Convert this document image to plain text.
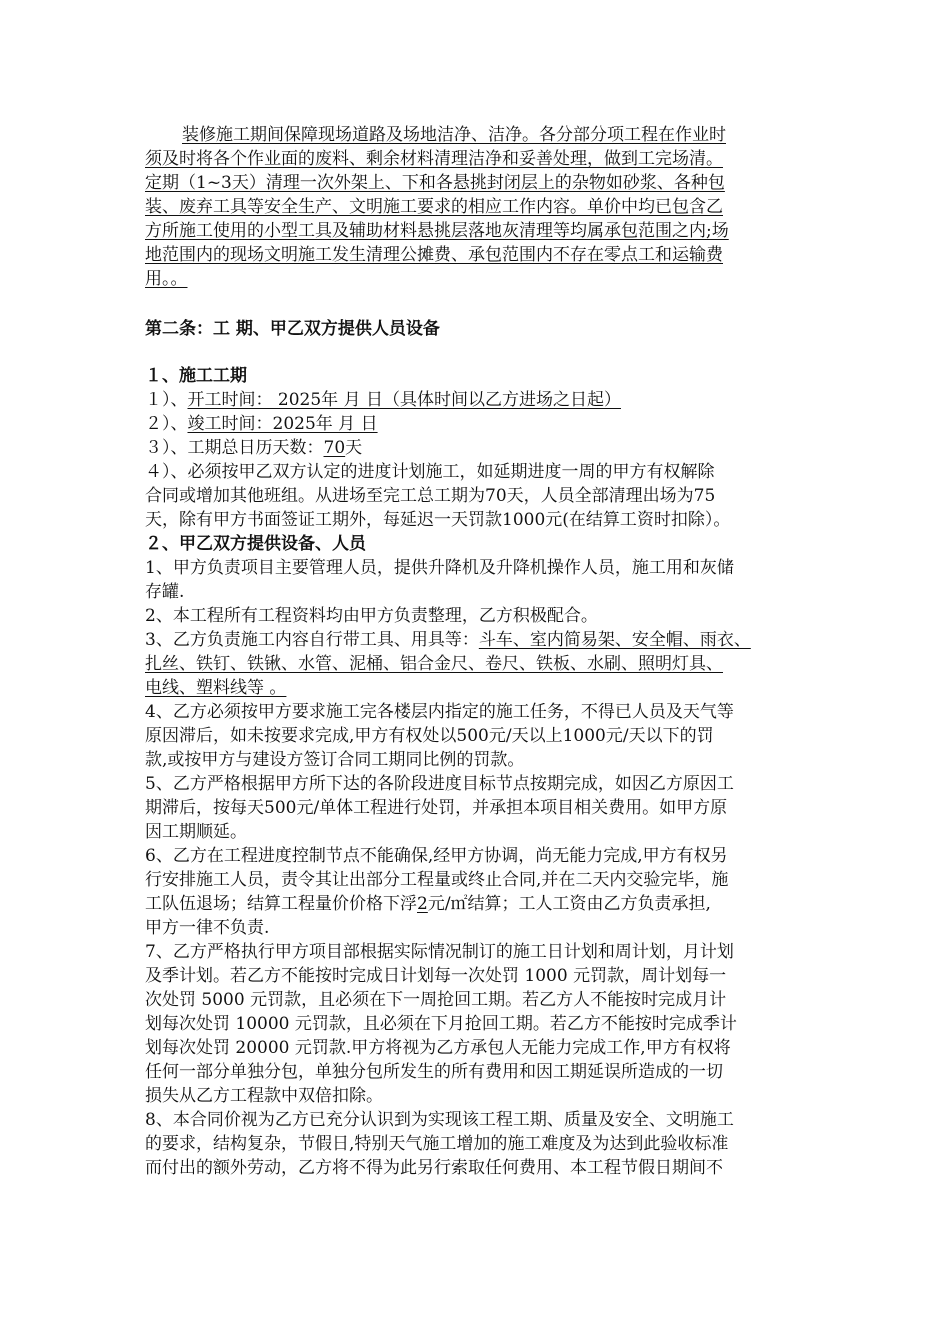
装修施工期间保障现场道路及场地洁净、洁净。各分部分项工程在作业时
须及时将各个作业面的废料、剩余材料清理洁净和妥善处理，做到工完场清。
定期（1~3天）清理一次外架上、下和各悬挑封闭层上的杂物如砂浆、各种包
装、废弃工具等安全生产、文明施工要求的相应工作内容。单价中均已包含乙
方所施工使用的小型工具及辅助材料悬挑层落地灰清理等均属承包范围之内;场
地范围内的现场文明施工发生清理公摊费、承包范围内不存在零点工和运输费
用。。
第二条：工 期、甲乙双方提供人员设备
１、施工工期
１）、开工时间： 2025年 月 日（具体时间以乙方进场之日起）
２）、竣工时间：2025年 月 日
３）、工期总日历天数：70天
４）、必须按甲乙双方认定的进度计划施工，如延期进度一周的甲方有权解除
合同或增加其他班组。从进场至完工总工期为70天，人员全部清理出场为75
天，除有甲方书面签证工期外，每延迟一天罚款1000元(在结算工资时扣除）。
２、甲乙双方提供设备、人员
1、甲方负责项目主要管理人员，提供升降机及升降机操作人员，施工用和灰储
存罐.
2、本工程所有工程资料均由甲方负责整理，乙方积极配合。
3、乙方负责施工内容自行带工具、用具等：斗车、室内简易架、安全帽、雨衣、
扎丝、铁钉、铁锹、水管、泥桶、铝合金尺、卷尺、铁板、水刷、照明灯具、
电线、塑料线等 。
4、乙方必须按甲方要求施工完各楼层内指定的施工任务，不得已人员及天气等
原因滞后，如未按要求完成,甲方有权处以500元/天以上1000元/天以下的罚
款,或按甲方与建设方签订合同工期同比例的罚款。
5、乙方严格根据甲方所下达的各阶段进度目标节点按期完成，如因乙方原因工
期滞后，按每天500元/单体工程进行处罚，并承担本项目相关费用。如甲方原
因工期顺延。
6、乙方在工程进度控制节点不能确保,经甲方协调，尚无能力完成,甲方有权另
行安排施工人员，责令其让出部分工程量或终止合同,并在二天内交验完毕，施
工队伍退场；结算工程量价价格下浮2元/㎡结算；工人工资由乙方负责承担,
甲方一律不负责.
7、乙方严格执行甲方项目部根据实际情况制订的施工日计划和周计划，月计划
及季计划。若乙方不能按时完成日计划每一次处罚 1000 元罚款，周计划每一
次处罚 5000 元罚款，且必须在下一周抢回工期。若乙方人不能按时完成月计
划每次处罚 10000 元罚款，且必须在下月抢回工期。若乙方不能按时完成季计
划每次处罚 20000 元罚款.甲方将视为乙方承包人无能力完成工作,甲方有权将
任何一部分单独分包，单独分包所发生的所有费用和因工期延误所造成的一切
损失从乙方工程款中双倍扣除。
8、本合同价视为乙方已充分认识到为实现该工程工期、质量及安全、文明施工
的要求，结构复杂，节假日,特别天气施工增加的施工难度及为达到此验收标准
而付出的额外劳动，乙方将不得为此另行索取任何费用、本工程节假日期间不
